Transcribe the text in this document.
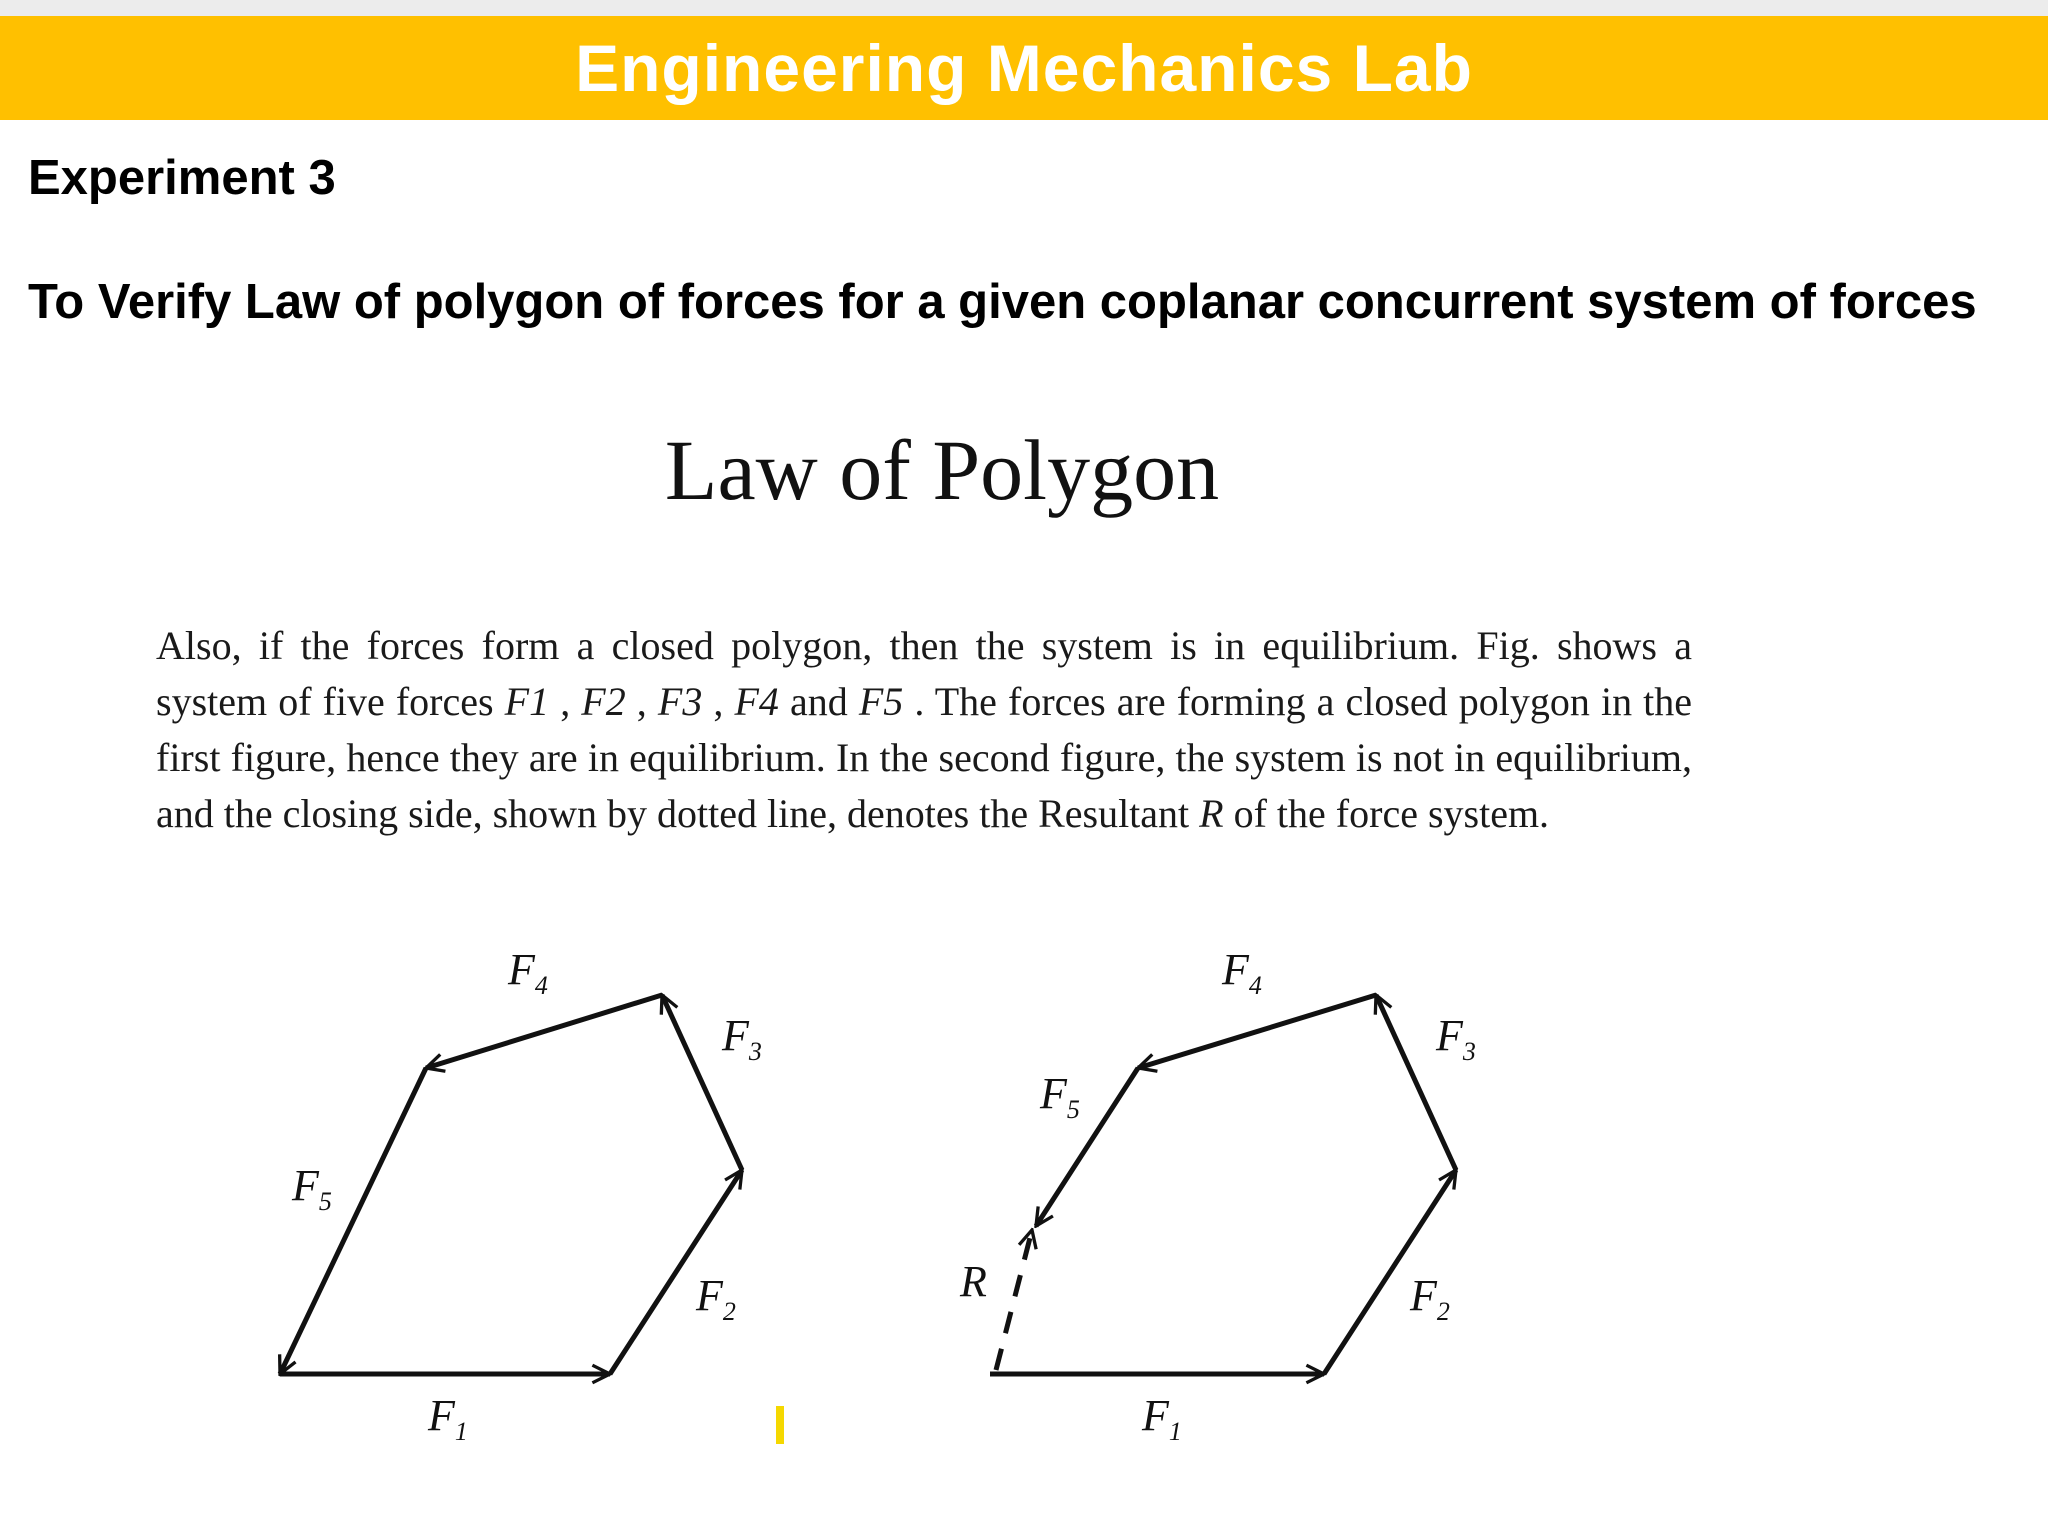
Engineering Mechanics Lab
Experiment 3
To Verify Law of polygon of forces for a given coplanar concurrent system of forces
Law of Polygon
Also, if the forces form a closed polygon, then the system is in equilibrium. Fig. shows a system of five forces F1 , F2 , F3 , F4 and F5 . The forces are forming a closed polygon in the first figure, hence they are in equilibrium. In the second figure, the system is not in equilibrium, and the closing side, shown by dotted line, denotes the Resultant R of the force system.
$F_1$
$F_2$
$F_3$
$F_4$
$F_5$
$F_1$
$F_2$
$F_3$
$F_4$
$F_5$
R
